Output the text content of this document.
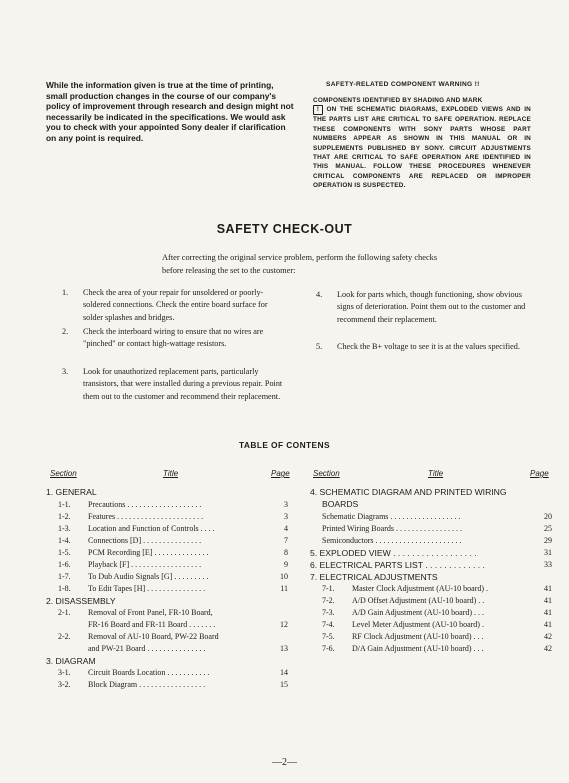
While the information given is true at the time of printing, small production changes in the course of our company's policy of improvement through research and design might not necessarily be indicated in the specifications. We would ask you to check with your appointed Sony dealer if clarification on any point is required.
SAFETY-RELATED COMPONENT WARNING !!
COMPONENTS IDENTIFIED BY SHADING AND MARK
! ON THE SCHEMATIC DIAGRAMS, EXPLODED VIEWS AND IN THE PARTS LIST ARE CRITICAL TO SAFE OPERATION. REPLACE THESE COMPONENTS WITH SONY PARTS WHOSE PART NUMBERS APPEAR AS SHOWN IN THIS MANUAL OR IN SUPPLEMENTS PUBLISHED BY SONY. CIRCUIT ADJUSTMENTS THAT ARE CRITICAL TO SAFE OPERATION ARE IDENTIFIED IN THIS MANUAL. FOLLOW THESE PROCEDURES WHENEVER CRITICAL COMPONENTS ARE REPLACED OR IMPROPER OPERATION IS SUSPECTED.
SAFETY CHECK-OUT
After correcting the original service problem, perform the following safety checks before releasing the set to the customer:
1.	Check the area of your repair for unsoldered or poorly-soldered connections. Check the entire board surface for solder splashes and bridges.
2.	Check the interboard wiring to ensure that no wires are "pinched" or contact high-wattage resistors.
3.	Look for unauthorized replacement parts, particularly transistors, that were installed during a previous repair. Point them out to the customer and recommend their replacement.
4.	Look for parts which, though functioning, show obvious signs of deterioration. Point them out to the customer and recommend their replacement.
5.	Check the B+ voltage to see it is at the values specified.
TABLE OF CONTENS
Section	Title	Page	Section	Title	Page
1. GENERAL
1-1. Precautions . . . . . . . . . . . . . . . . . . .	3
1-2. Features . . . . . . . . . . . . . . . . . . . . . .	3
1-3. Location and Function of Controls . . . .	4
1-4. Connections [D] . . . . . . . . . . . . . . .	7
1-5. PCM Recording [E] . . . . . . . . . . . . . .	8
1-6. Playback [F] . . . . . . . . . . . . . . . . . .	9
1-7. To Dub Audio Signals [G] . . . . . . . . .	10
1-8. To Edit Tapes [H] . . . . . . . . . . . . . . .	11
2. DISASSEMBLY
2-1. Removal of Front Panel, FR-10 Board,
FR-16 Board and FR-11 Board . . . . . . .	12
2-2. Removal of AU-10 Board, PW-22 Board
and PW-21 Board . . . . . . . . . . . . . . .	13
3. DIAGRAM
3-1. Circuit Boards Location . . . . . . . . . . .	14
3-2. Block Diagram . . . . . . . . . . . . . . . . .	15
4. SCHEMATIC DIAGRAM AND PRINTED WIRING
BOARDS
Schematic Diagrams . . . . . . . . . . . . . . . . . .	20
Printed Wiring Boards . . . . . . . . . . . . . . . . .	25
Semiconductors . . . . . . . . . . . . . . . . . . . . . .	29
5. EXPLODED VIEW . . . . . . . . . . . . . . . . . .	31
6. ELECTRICAL PARTS LIST . . . . . . . . . . . . .	33
7. ELECTRICAL ADJUSTMENTS
7-1. Master Clock Adjustment (AU-10 board) .	41
7-2. A/D Offset Adjustment (AU-10 board) . .	41
7-3. A/D Gain Adjustment (AU-10 board) . . .	41
7-4. Level Meter Adjustment (AU-10 board) .	41
7-5. RF Clock Adjustment (AU-10 board) . . .	42
7-6. D/A Gain Adjustment (AU-10 board) . . .	42
—2—
